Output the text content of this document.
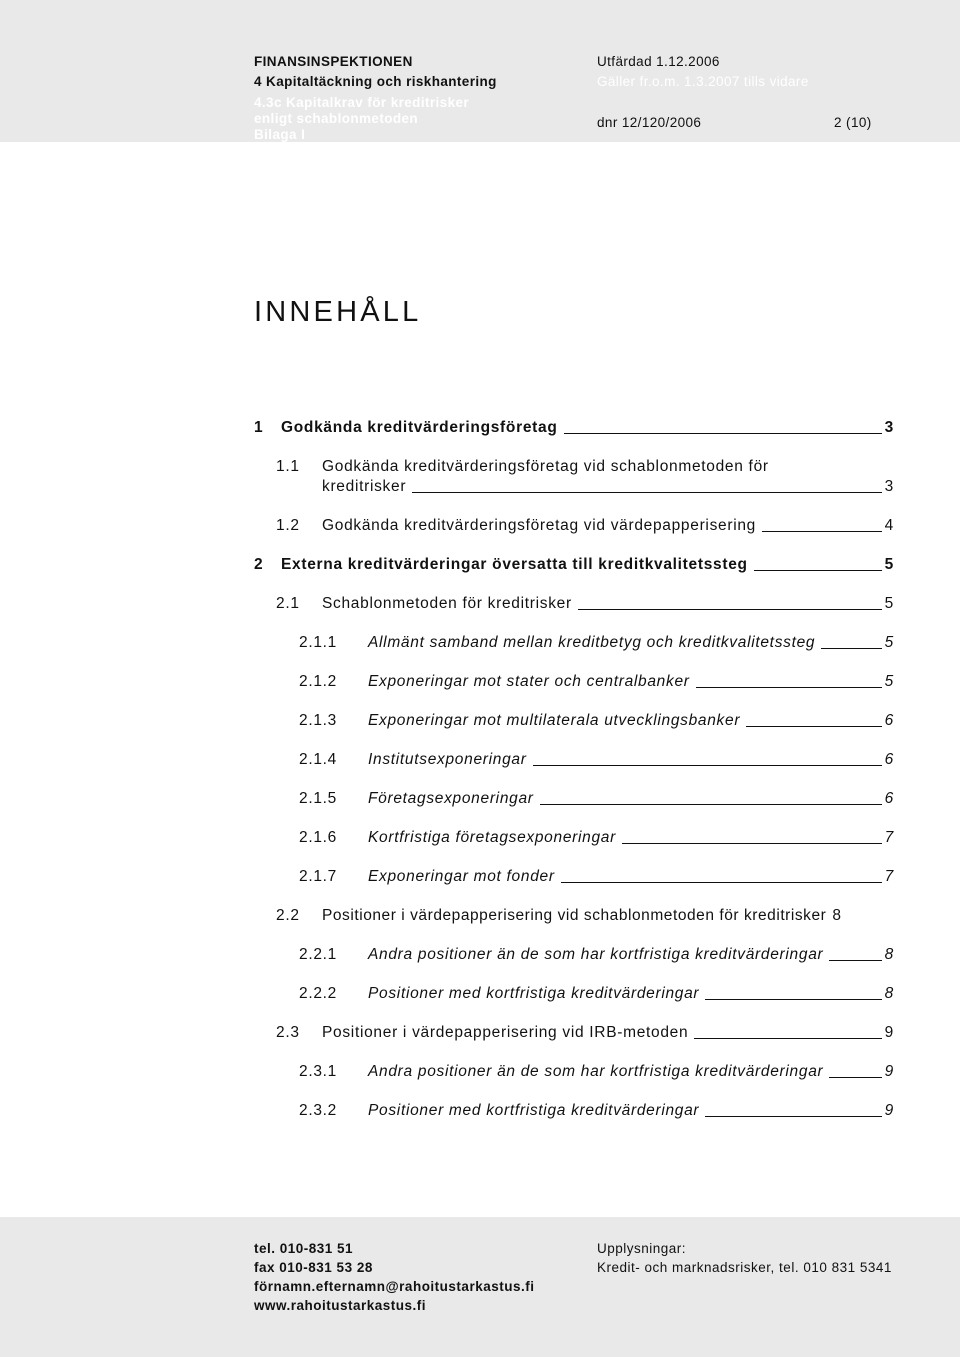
FINANSINSPEKTIONEN
4 Kapitaltäckning och riskhantering
4.3c Kapitalkrav för kreditrisker
enligt schablonmetoden
Bilaga I
Utfärdad 1.12.2006
Gäller fr.o.m. 1.3.2007 tills vidare
dnr 12/120/2006	2 (10)
INNEHÅLL
1	Godkända kreditvärderingsföretag	3
1.1 Godkända kreditvärderingsföretag vid schablonmetoden för
kreditrisker	3
1.2	Godkända kreditvärderingsföretag vid värdepapperisering	4
2	Externa kreditvärderingar översatta till kreditkvalitetssteg	5
2.1	Schablonmetoden för kreditrisker	5
2.1.1	Allmänt samband mellan kreditbetyg och kreditkvalitetssteg	5
2.1.2	Exponeringar mot stater och centralbanker	5
2.1.3	Exponeringar mot multilaterala utvecklingsbanker	6
2.1.4	Institutsexponeringar	6
2.1.5	Företagsexponeringar	6
2.1.6	Kortfristiga företagsexponeringar	7
2.1.7	Exponeringar mot fonder	7
2.2	Positioner i värdepapperisering vid schablonmetoden för kreditrisker 8
2.2.1	Andra positioner än de som har kortfristiga kreditvärderingar	8
2.2.2	Positioner med kortfristiga kreditvärderingar	8
2.3	Positioner i värdepapperisering vid IRB-metoden	9
2.3.1	Andra positioner än de som har kortfristiga kreditvärderingar	9
2.3.2	Positioner med kortfristiga kreditvärderingar	9
tel. 010-831 51
fax 010-831 53 28
förnamn.efternamn@rahoitustarkastus.fi
www.rahoitustarkastus.fi
Upplysningar:
Kredit- och marknadsrisker, tel. 010 831 5341
